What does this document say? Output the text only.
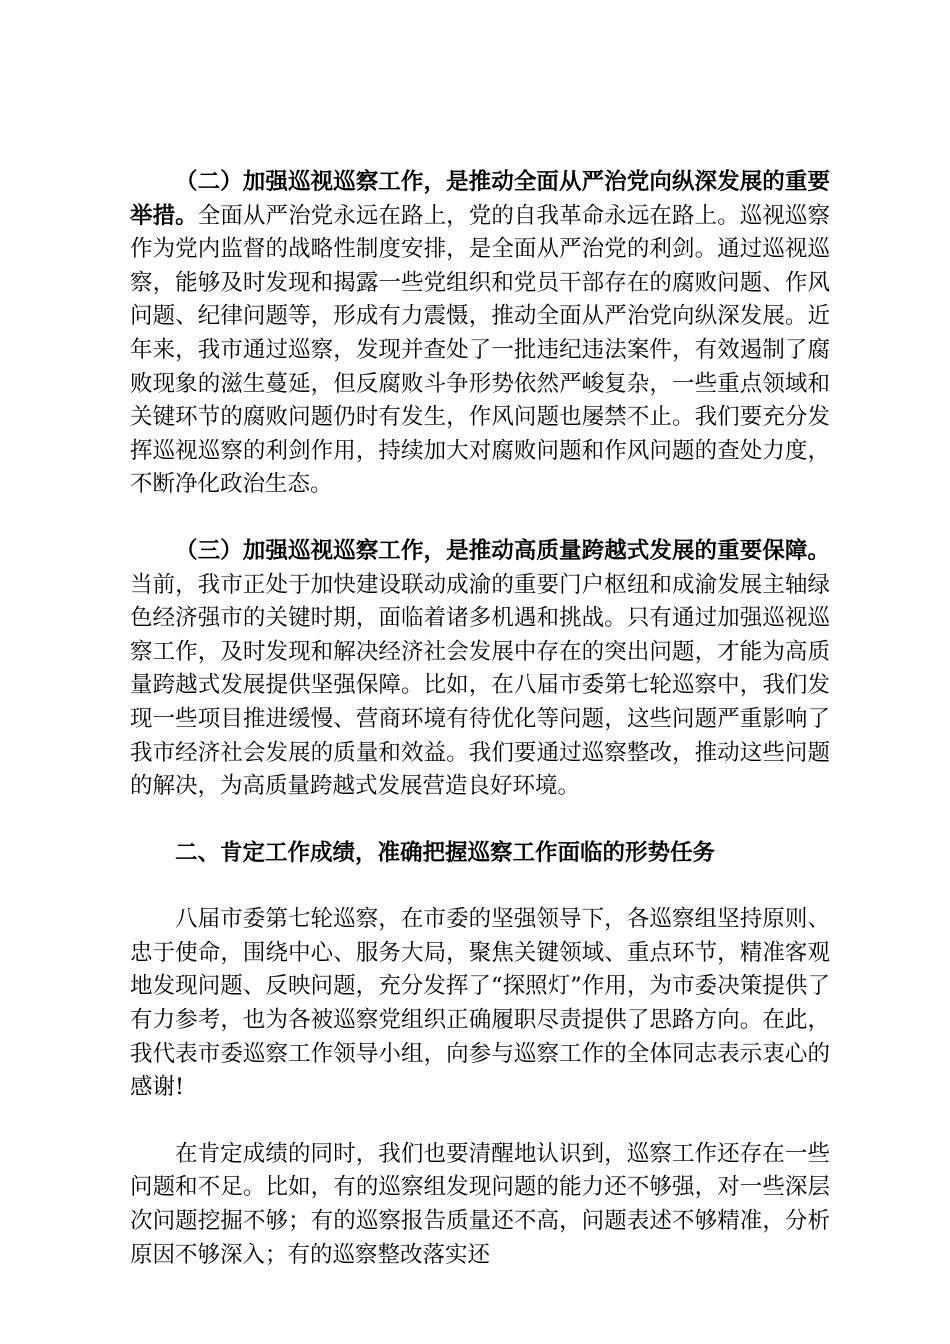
（二）加强巡视巡察工作，是推动全面从严治党向纵深发展的重要举措。全面从严治党永远在路上，党的自我革命永远在路上。巡视巡察作为党内监督的战略性制度安排，是全面从严治党的利剑。通过巡视巡察，能够及时发现和揭露一些党组织和党员干部存在的腐败问题、作风问题、纪律问题等，形成有力震慑，推动全面从严治党向纵深发展。近年来，我市通过巡察，发现并查处了一批违纪违法案件，有效遏制了腐败现象的滋生蔓延，但反腐败斗争形势依然严峻复杂，一些重点领域和关键环节的腐败问题仍时有发生，作风问题也屡禁不止。我们要充分发挥巡视巡察的利剑作用，持续加大对腐败问题和作风问题的查处力度，不断净化政治生态。

（三）加强巡视巡察工作，是推动高质量跨越式发展的重要保障。当前，我市正处于加快建设联动成渝的重要门户枢纽和成渝发展主轴绿色经济强市的关键时期，面临着诸多机遇和挑战。只有通过加强巡视巡察工作，及时发现和解决经济社会发展中存在的突出问题，才能为高质量跨越式发展提供坚强保障。比如，在八届市委第七轮巡察中，我们发现一些项目推进缓慢、营商环境有待优化等问题，这些问题严重影响了我市经济社会发展的质量和效益。我们要通过巡察整改，推动这些问题的解决，为高质量跨越式发展营造良好环境。

二、肯定工作成绩，准确把握巡察工作面临的形势任务

八届市委第七轮巡察，在市委的坚强领导下，各巡察组坚持原则、忠于使命，围绕中心、服务大局，聚焦关键领域、重点环节，精准客观地发现问题、反映问题，充分发挥了“探照灯”作用，为市委决策提供了有力参考，也为各被巡察党组织正确履职尽责提供了思路方向。在此，我代表市委巡察工作领导小组，向参与巡察工作的全体同志表示衷心的感谢!

在肯定成绩的同时，我们也要清醒地认识到，巡察工作还存在一些问题和不足。比如，有的巡察组发现问题的能力还不够强，对一些深层次问题挖掘不够；有的巡察报告质量还不高，问题表述不够精准，分析原因不够深入；有的巡察整改落实还
